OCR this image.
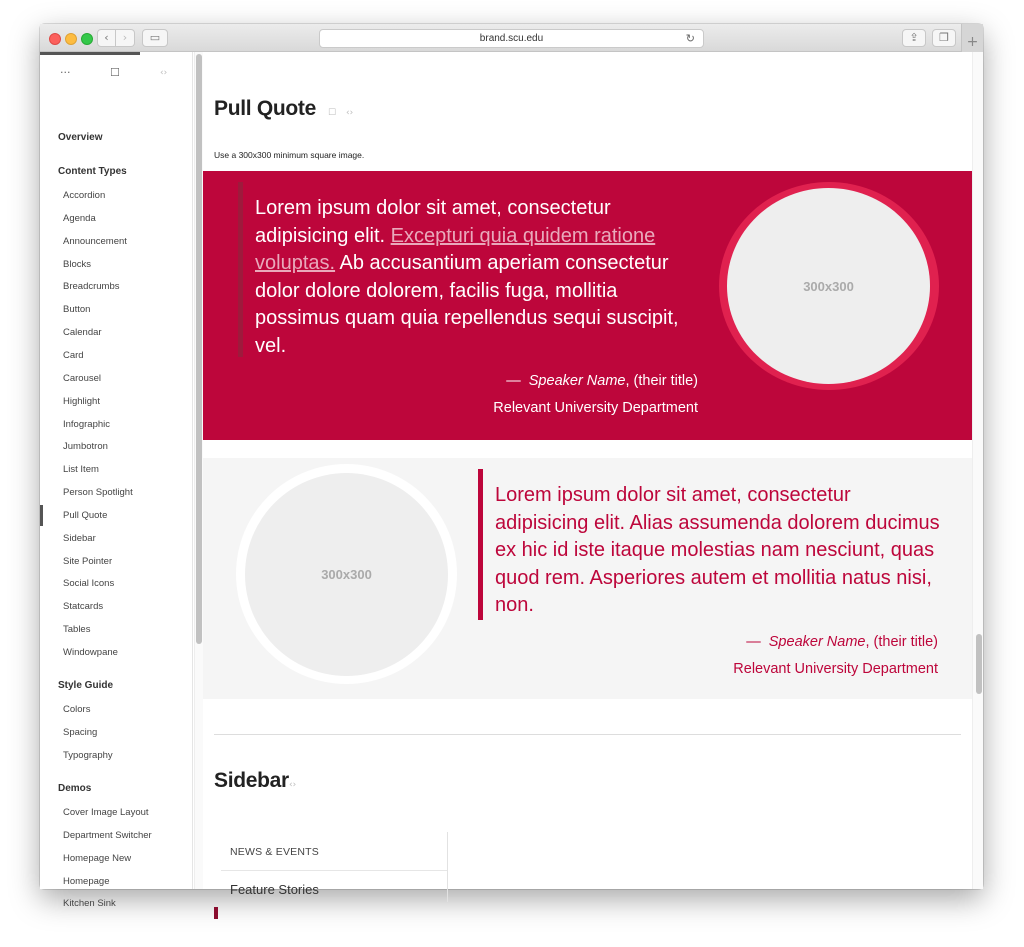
‹	›	▭	brand.scu.edu	↻	⇪	❐	+
···	☐	‹›
Overview
Content Types
Accordion
Agenda
Announcement
Blocks
Breadcrumbs
Button
Calendar
Card
Carousel
Highlight
Infographic
Jumbotron
List Item
Person Spotlight
Pull Quote
Sidebar
Site Pointer
Social Icons
Statcards
Tables
Windowpane
Style Guide
Colors
Spacing
Typography
Demos
Cover Image Layout
Department Switcher
Homepage New
Homepage
Kitchen Sink
Pull Quote ☐ ‹›

Use a 300x300 minimum square image.

Lorem ipsum dolor sit amet, consectetur adipisicing elit. Excepturi quia quidem ratione voluptas. Ab accusantium aperiam consectetur dolor dolore dolorem, facilis fuga, mollitia possimus quam quia repellendus sequi suscipit, vel.

— Speaker Name, (their title)

Relevant University Department

300x300
300x300

Lorem ipsum dolor sit amet, consectetur adipisicing elit. Alias assumenda dolorem ducimus ex hic id iste itaque molestias nam nesciunt, quas quod rem. Asperiores autem et mollitia natus nisi, non.

— Speaker Name, (their title)

Relevant University Department

Sidebar ‹›
NEWS & EVENTS
Feature Stories
